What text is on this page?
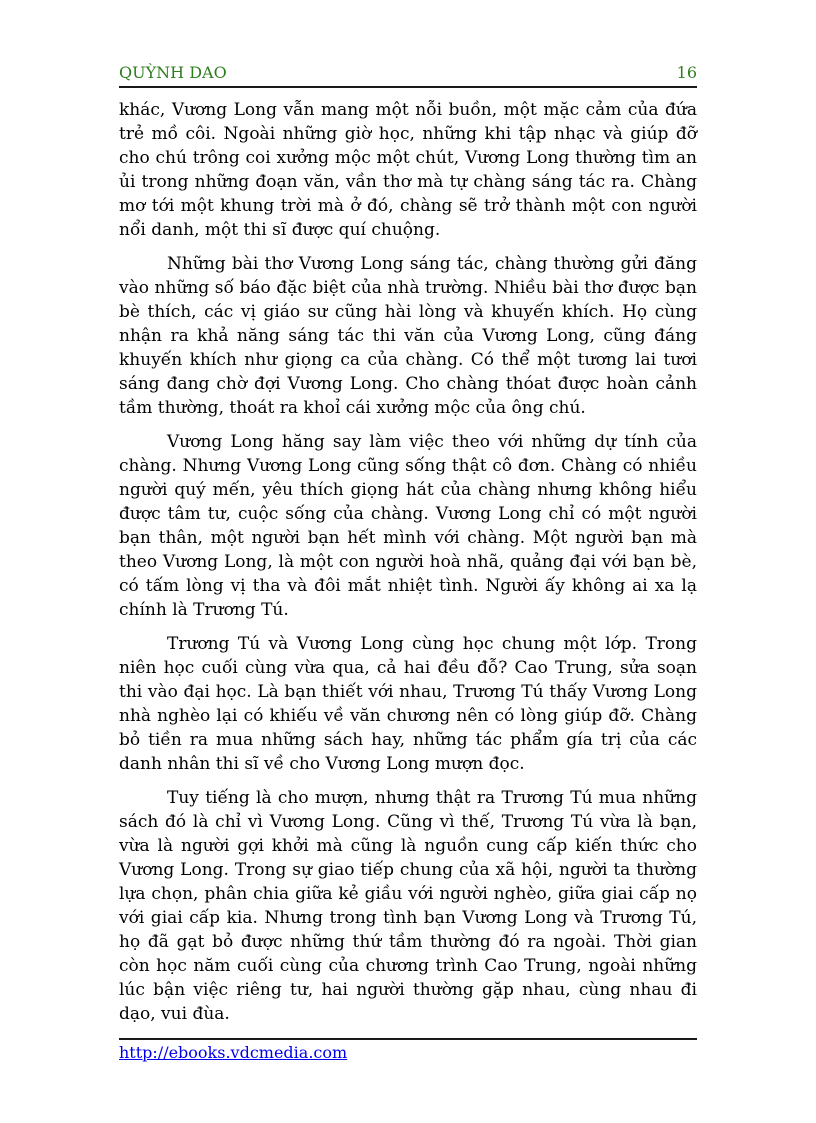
QUỲNH DAO	16

khác, Vương Long vẫn mang một nỗi buồn, một mặc cảm của đứa trẻ mồ côi. Ngoài những giờ học, những khi tập nhạc và giúp đỡ cho chú trông coi xưởng mộc một chút, Vương Long thường tìm an ủi trong những đoạn văn, vần thơ mà tự chàng sáng tác ra. Chàng mơ tới một khung trời mà ở đó, chàng sẽ trở thành một con người nổi danh, một thi sĩ được quí chuộng.

Những bài thơ Vương Long sáng tác, chàng thường gửi đăng vào những số báo đặc biệt của nhà trường. Nhiều bài thơ được bạn bè thích, các vị giáo sư cũng hài lòng và khuyến khích. Họ cùng nhận ra khả năng sáng tác thi văn của Vương Long, cũng đáng khuyến khích như giọng ca của chàng. Có thể một tương lai tươi sáng đang chờ đợi Vương Long. Cho chàng thóat được hoàn cảnh tầm thường, thoát ra khoỉ cái xưởng mộc của ông chú.

Vương Long hăng say làm việc theo với những dự tính của chàng. Nhưng Vương Long cũng sống thật cô đơn. Chàng có nhiều người quý mến, yêu thích giọng hát của chàng nhưng không hiểu được tâm tư, cuộc sống của chàng. Vương Long chỉ có một người bạn thân, một người bạn hết mình với chàng. Một người bạn mà theo Vương Long, là một con người hoà nhã, quảng đại với bạn bè, có tấm lòng vị tha và đôi mắt nhiệt tình. Người ấy không ai xa lạ chính là Trương Tú.

Trương Tú và Vương Long cùng học chung một lớp. Trong niên học cuối cùng vừa qua, cả hai đều đỗ? Cao Trung, sửa soạn thi vào đại học. Là bạn thiết với nhau, Trương Tú thấy Vương Long nhà nghèo lại có khiếu về văn chương nên có lòng giúp đỡ. Chàng bỏ tiền ra mua những sách hay, những tác phẩm gía trị của các danh nhân thi sĩ về cho Vương Long mượn đọc.

Tuy tiếng là cho mượn, nhưng thật ra Trương Tú mua những sách đó là chỉ vì Vương Long. Cũng vì thế, Trương Tú vừa là bạn, vừa là người gợi khởi mà cũng là nguồn cung cấp kiến thức cho Vương Long. Trong sự giao tiếp chung của xã hội, người ta thường lựa chọn, phân chia giữa kẻ giầu với người nghèo, giữa giai cấp nọ với giai cấp kia. Nhưng trong tình bạn Vương Long và Trương Tú, họ đã gạt bỏ được những thứ tầm thường đó ra ngoài. Thời gian còn học năm cuối cùng của chương trình Cao Trung, ngoài những lúc bận việc riêng tư, hai người thường gặp nhau, cùng nhau đi dạo, vui đùa.

http://ebooks.vdcmedia.com
